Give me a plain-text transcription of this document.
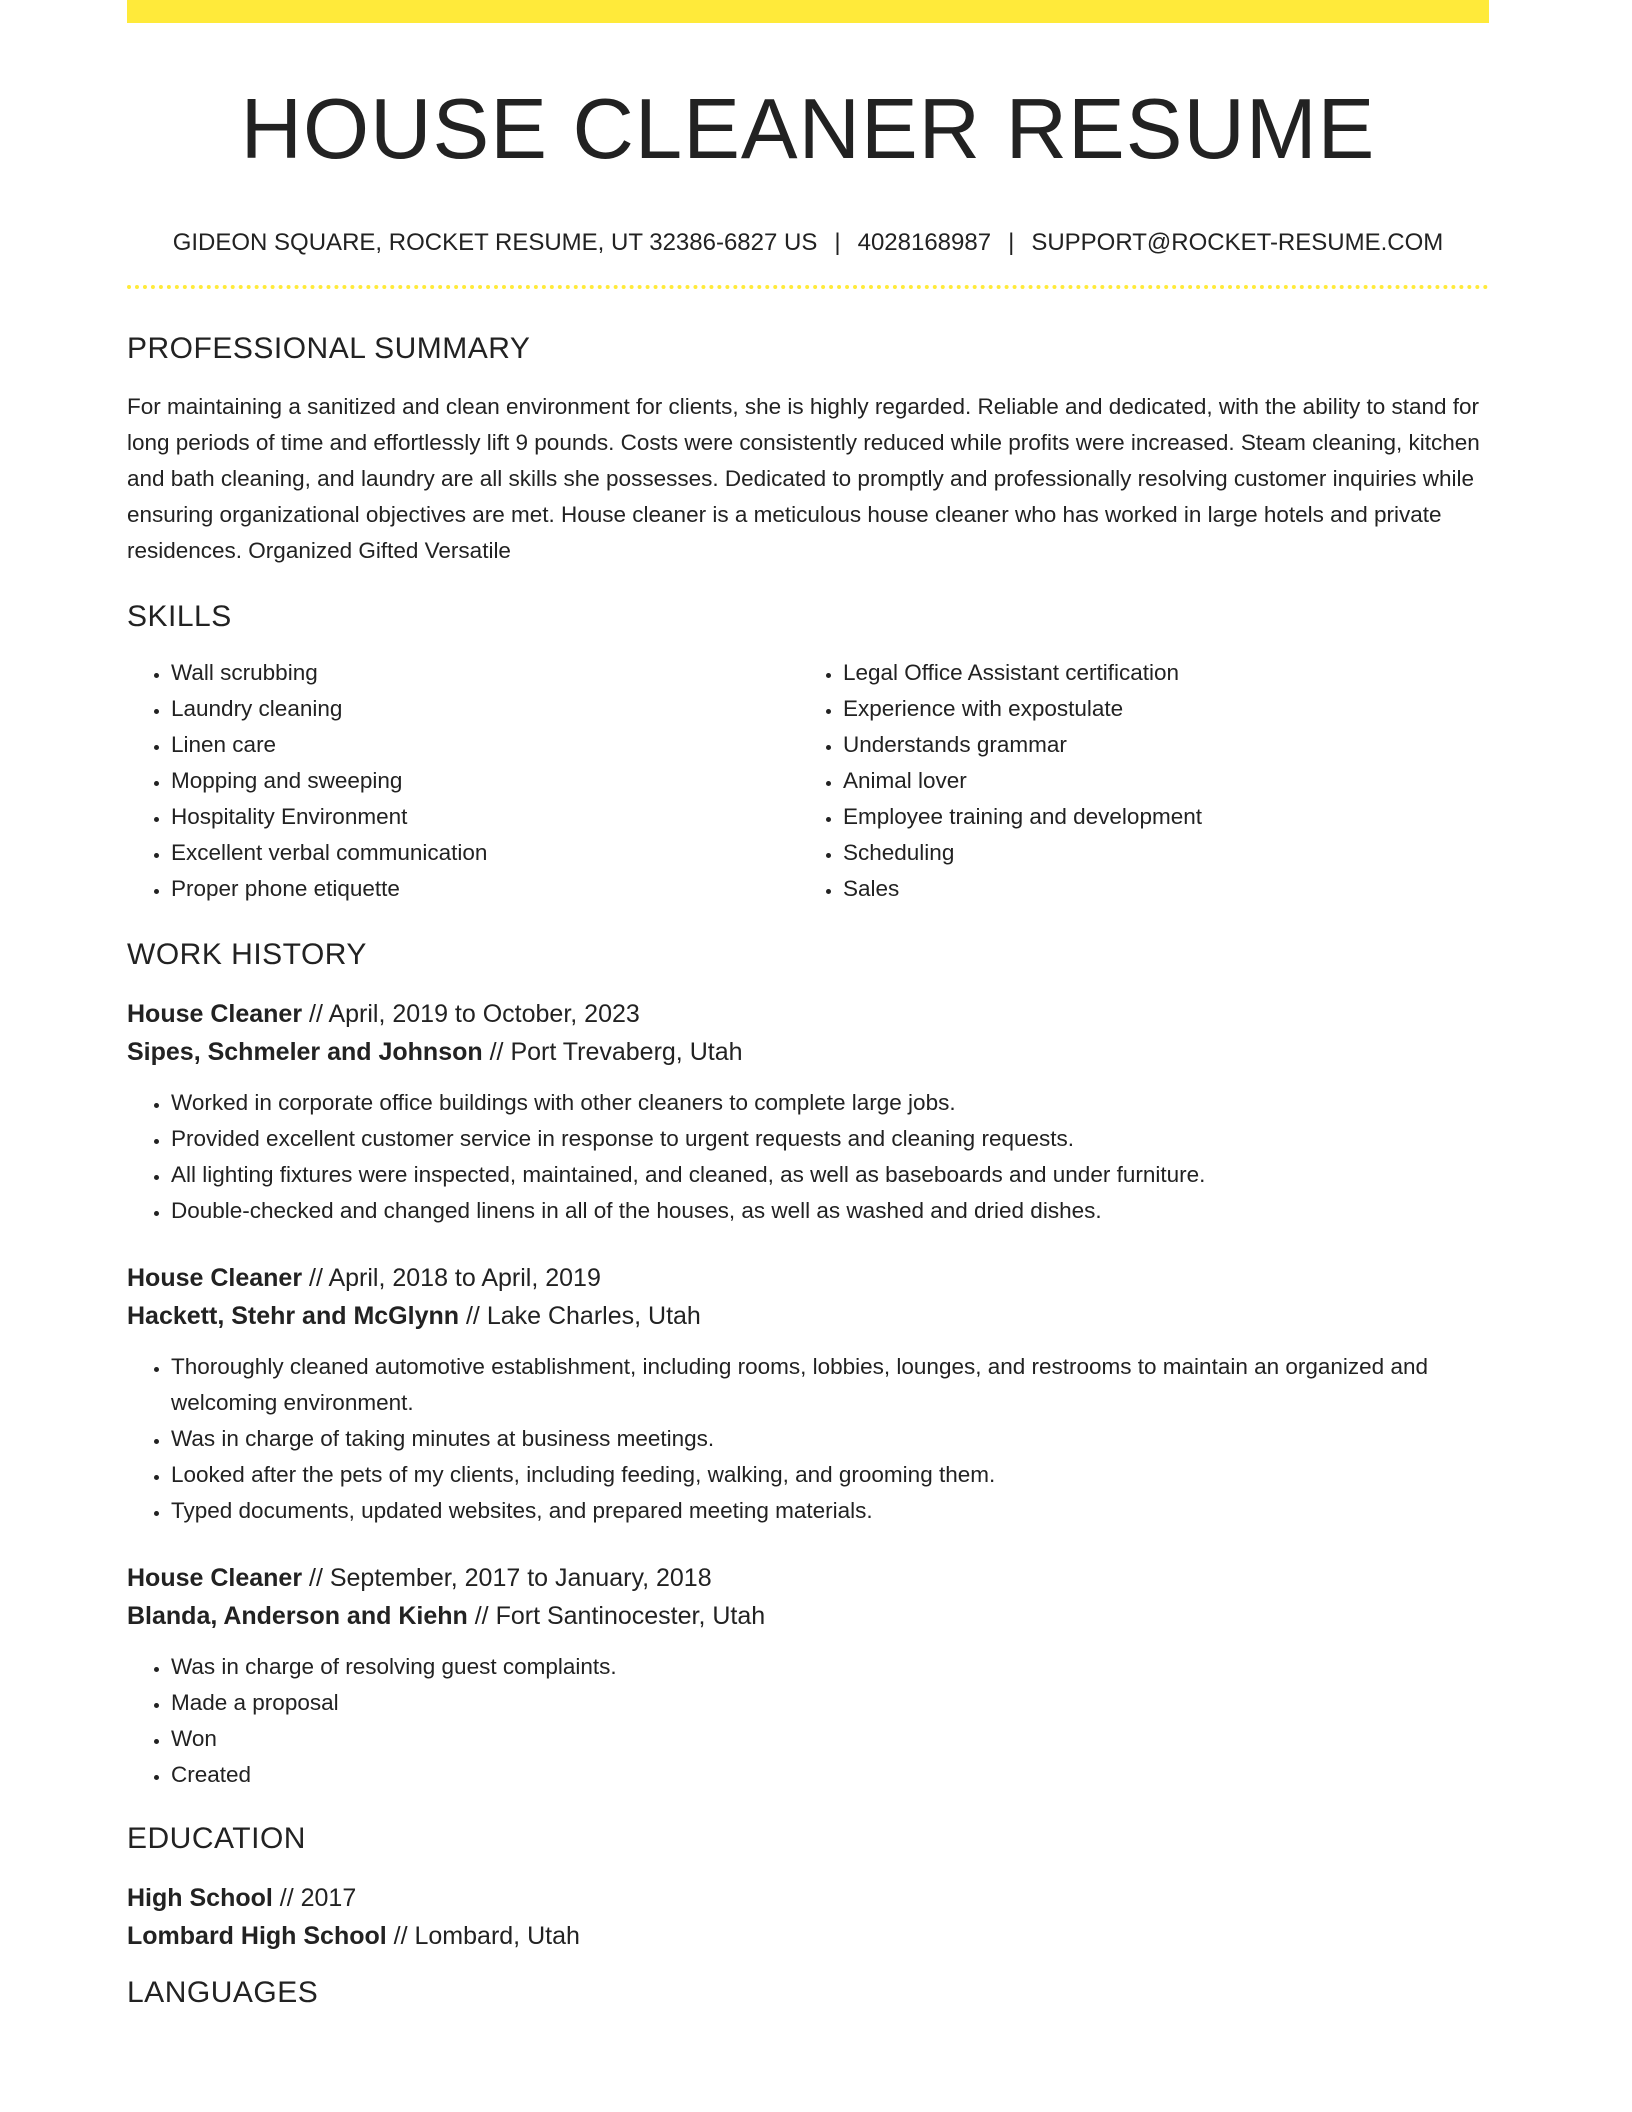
HOUSE CLEANER RESUME
GIDEON SQUARE, ROCKET RESUME, UT 32386-6827 US | 4028168987 | SUPPORT@ROCKET-RESUME.COM
PROFESSIONAL SUMMARY

For maintaining a sanitized and clean environment for clients, she is highly regarded. Reliable and dedicated, with the ability to stand for long periods of time and effortlessly lift 9 pounds. Costs were consistently reduced while profits were increased. Steam cleaning, kitchen and bath cleaning, and laundry are all skills she possesses. Dedicated to promptly and professionally resolving customer inquiries while ensuring organizational objectives are met. House cleaner is a meticulous house cleaner who has worked in large hotels and private residences. Organized Gifted Versatile

SKILLS
• Wall scrubbing
• Laundry cleaning
• Linen care
• Mopping and sweeping
• Hospitality Environment
• Excellent verbal communication
• Proper phone etiquette
• Legal Office Assistant certification
• Experience with expostulate
• Understands grammar
• Animal lover
• Employee training and development
• Scheduling
• Sales
WORK HISTORY
House Cleaner // April, 2019 to October, 2023
Sipes, Schmeler and Johnson // Port Trevaberg, Utah
• Worked in corporate office buildings with other cleaners to complete large jobs.
• Provided excellent customer service in response to urgent requests and cleaning requests.
• All lighting fixtures were inspected, maintained, and cleaned, as well as baseboards and under furniture.
• Double-checked and changed linens in all of the houses, as well as washed and dried dishes.
House Cleaner // April, 2018 to April, 2019
Hackett, Stehr and McGlynn // Lake Charles, Utah
• Thoroughly cleaned automotive establishment, including rooms, lobbies, lounges, and restrooms to maintain an organized and welcoming environment.
• Was in charge of taking minutes at business meetings.
• Looked after the pets of my clients, including feeding, walking, and grooming them.
• Typed documents, updated websites, and prepared meeting materials.
House Cleaner // September, 2017 to January, 2018
Blanda, Anderson and Kiehn // Fort Santinocester, Utah
• Was in charge of resolving guest complaints.
• Made a proposal
• Won
• Created
EDUCATION
High School // 2017
Lombard High School // Lombard, Utah
LANGUAGES
